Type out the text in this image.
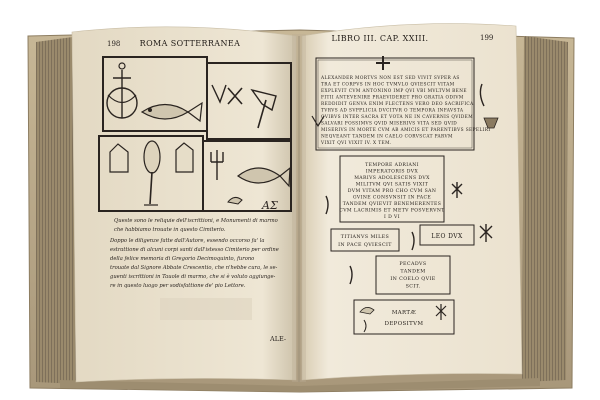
198 ROMA SOTTERRANEA
ΑΣ
Queste sono le reliquie dell'iscrittioni, e Monumenti di marmo
che habbiamo trouate in questo Cimiterio.
Doppo le diligenze fatte dall'Autore, essendo occorso fa' la
estrattione di alcuni corpi santi dall'istesso Cimiterio per ordine
della felice memoria di Gregorio Decimoquinto, furono
trouate dal Signore Abbate Crescentio, che n'hebbe cura, le se-
guenti iscrittioni in Tauole di marmo, che si è voluto aggiunge-
re in questo luogo per sodisfattione de' pio Lettore.
ALE-
LIBRO III. CAP. XXIII.	199
ALEXANDER MORTVS NON EST SED VIVIT SVPER AS
TRA ET CORPVS IN HOC TVMVLO QVIESCIT VITAM
EXPLEVIT CVM ANTONINO IMP QVI VBI MVLTVM BENE
FITII ANTEVENIRE PRAEVIDERET PRO GRATIA ODIVM
REDDIDIT GENVA ENIM FLECTENS VERO DEO SACRIFICA
TVRVS AD SVPPLICIA DVCITVR O TEMPORA INFAVSTA
QVIBVS INTER SACRA ET VOTA NE IN CAVERNIS QVIDEM
SALVARI POSSIMVS QVID MISERIVS VITA SED QVID
MISERIVS IN MORTE CVM AB AMICIS ET PARENTIBVS SEPELIRI
NEQVEANT TANDEM IN CAELO CORVSCAT PARVM
VIXIT QVI VIXIT IV. X TEM.
TEMPORE ADRIANI
IMPERATORIS DVX
MARIVS ADOLESCENS DVX
MILITVM QVI SATIS VIXIT
DVM VITAM PRO CHO CVM SAN
GVINE CONSVNSIT IN PACE
TANDEM QVIEVIT BENEMERENTES
CVM LACRIMIS ET METV POSVERVNT
I D VI
TITIANVS MILES
IN PACE QVIESCIT
LEO DVX
PECADVS
TANDEM
IN COELO QVIE
SCIT.
MARTÆ
DEPOSITVM
